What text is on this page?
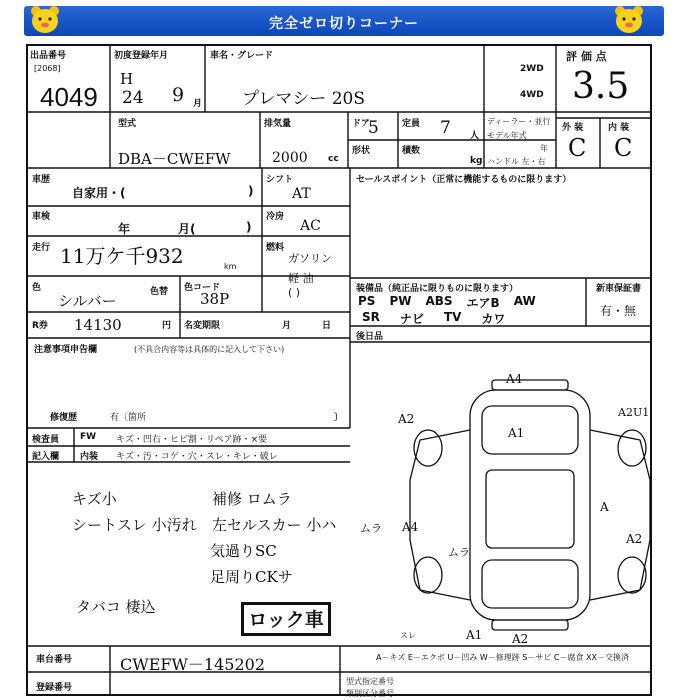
完全ゼロ切りコーナー
出品番号
[2068]
4049
初度登録年月
H
24 9 月
車名・グレード
プレマシー 20S
2WD
4WD
評 価 点
3.5
型式
DBA－CWEFW
排気量
2000 cc
ドア
5	定員 7 人
形状	積数
kg
ディーラー・並行
モデル年式
年
ハンドル 左・右
外 装	内 装
C C
車歴
自家用・(	)
シフト
AT
セールスポイント（正常に機能するものに限ります）
車検
年	月(	)
冷房
AC
走行 11万ケ千932	km
燃料
ガソリン
軽 油
( )
色
シルバー	色替 色コード
38P
装備品（純正品に限りものに限ります）
PS PW ABS エアB AW
SR ナビ TV カワ
新車保証書
有・無
R券 14130	円 名変期限	月	日
後日品
注意事項申告欄	(不具合内容等は具体的に記入して下さい)
修復歴	有〔箇所	〕
検査員 FW キズ・凹右・ヒビ割・リペア跡・×要
記入欄 内装 キズ・汚・コゲ・穴・スレ・キレ・破レ
キズ小
シートスレ 小汚れ
補修 ロムラ
左セルスカー 小ハ
気過りSC
足周りCKサ
タバコ 棲込
ロック車
A4
A2U1
A1
A2
A
ムラ A4
ムラ
A2
A1 A2
スレ
A－キズ E－エクボ U－凹み W－修理跡 S－サビ C－腐食 XX－交換済
車台番号	CWEFW－145202
登録番号
型式指定番号
類別区分番号
